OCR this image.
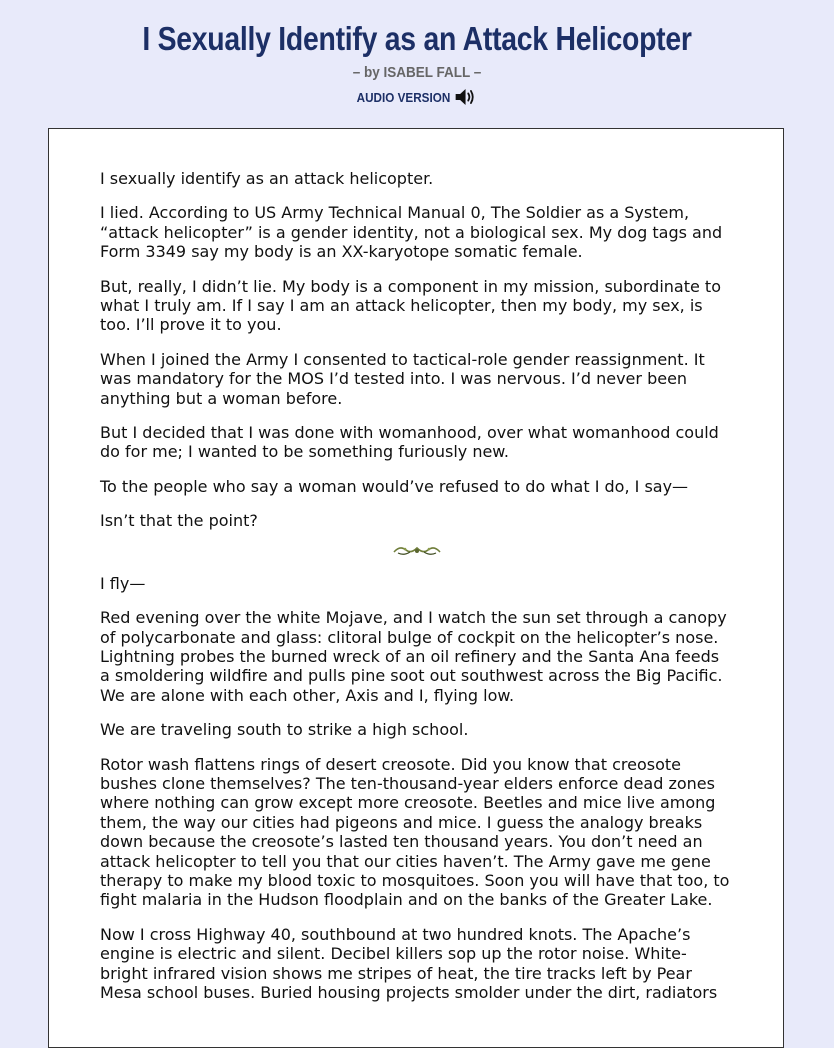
I Sexually Identify as an Attack Helicopter
– by ISABEL FALL –
AUDIO VERSION

I sexually identify as an attack helicopter.

I lied. According to US Army Technical Manual 0, The Soldier as a System, “attack helicopter” is a gender identity, not a biological sex. My dog tags and Form 3349 say my body is an XX-karyotope somatic female.

But, really, I didn’t lie. My body is a component in my mission, subordinate to what I truly am. If I say I am an attack helicopter, then my body, my sex, is too. I’ll prove it to you.

When I joined the Army I consented to tactical-role gender reassignment. It was mandatory for the MOS I’d tested into. I was nervous. I’d never been anything but a woman before.

But I decided that I was done with womanhood, over what womanhood could do for me; I wanted to be something furiously new.

To the people who say a woman would’ve refused to do what I do, I say—

Isn’t that the point?

I fly—

Red evening over the white Mojave, and I watch the sun set through a canopy of polycarbonate and glass: clitoral bulge of cockpit on the helicopter’s nose. Lightning probes the burned wreck of an oil refinery and the Santa Ana feeds a smoldering wildfire and pulls pine soot out southwest across the Big Pacific. We are alone with each other, Axis and I, flying low.

We are traveling south to strike a high school.

Rotor wash flattens rings of desert creosote. Did you know that creosote bushes clone themselves? The ten-thousand-year elders enforce dead zones where nothing can grow except more creosote. Beetles and mice live among them, the way our cities had pigeons and mice. I guess the analogy breaks down because the creosote’s lasted ten thousand years. You don’t need an attack helicopter to tell you that our cities haven’t. The Army gave me gene therapy to make my blood toxic to mosquitoes. Soon you will have that too, to fight malaria in the Hudson floodplain and on the banks of the Greater Lake.

Now I cross Highway 40, southbound at two hundred knots. The Apache’s engine is electric and silent. Decibel killers sop up the rotor noise. White-bright infrared vision shows me stripes of heat, the tire tracks left by Pear Mesa school buses. Buried housing projects smolder under the dirt, radiators
